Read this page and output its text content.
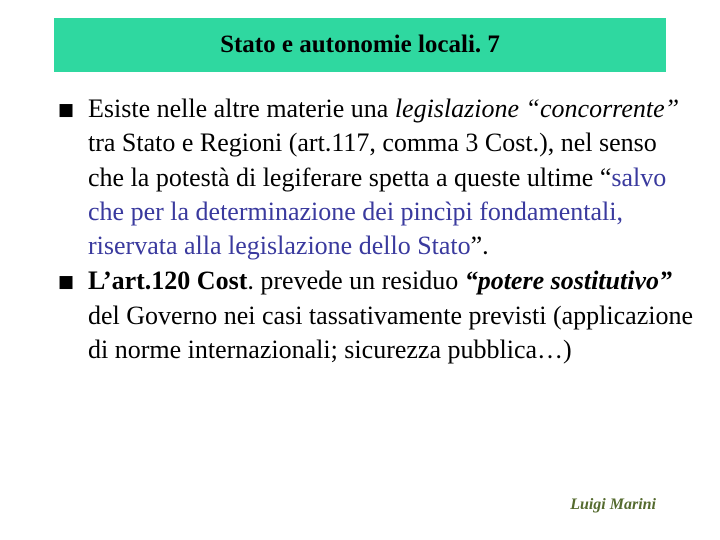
Stato e autonomie locali. 7
■ Esiste nelle altre materie una legislazione “concorrente” tra Stato e Regioni (art.117, comma 3 Cost.), nel senso che la potestà di legiferare spetta a queste ultime “salvo che per la determinazione dei pincìpi fondamentali, riservata alla legislazione dello Stato”.
■ L’art.120 Cost. prevede un residuo “potere sostitutivo” del Governo nei casi tassativamente previsti (applicazione di norme internazionali; sicurezza pubblica…)
Luigi Marini
